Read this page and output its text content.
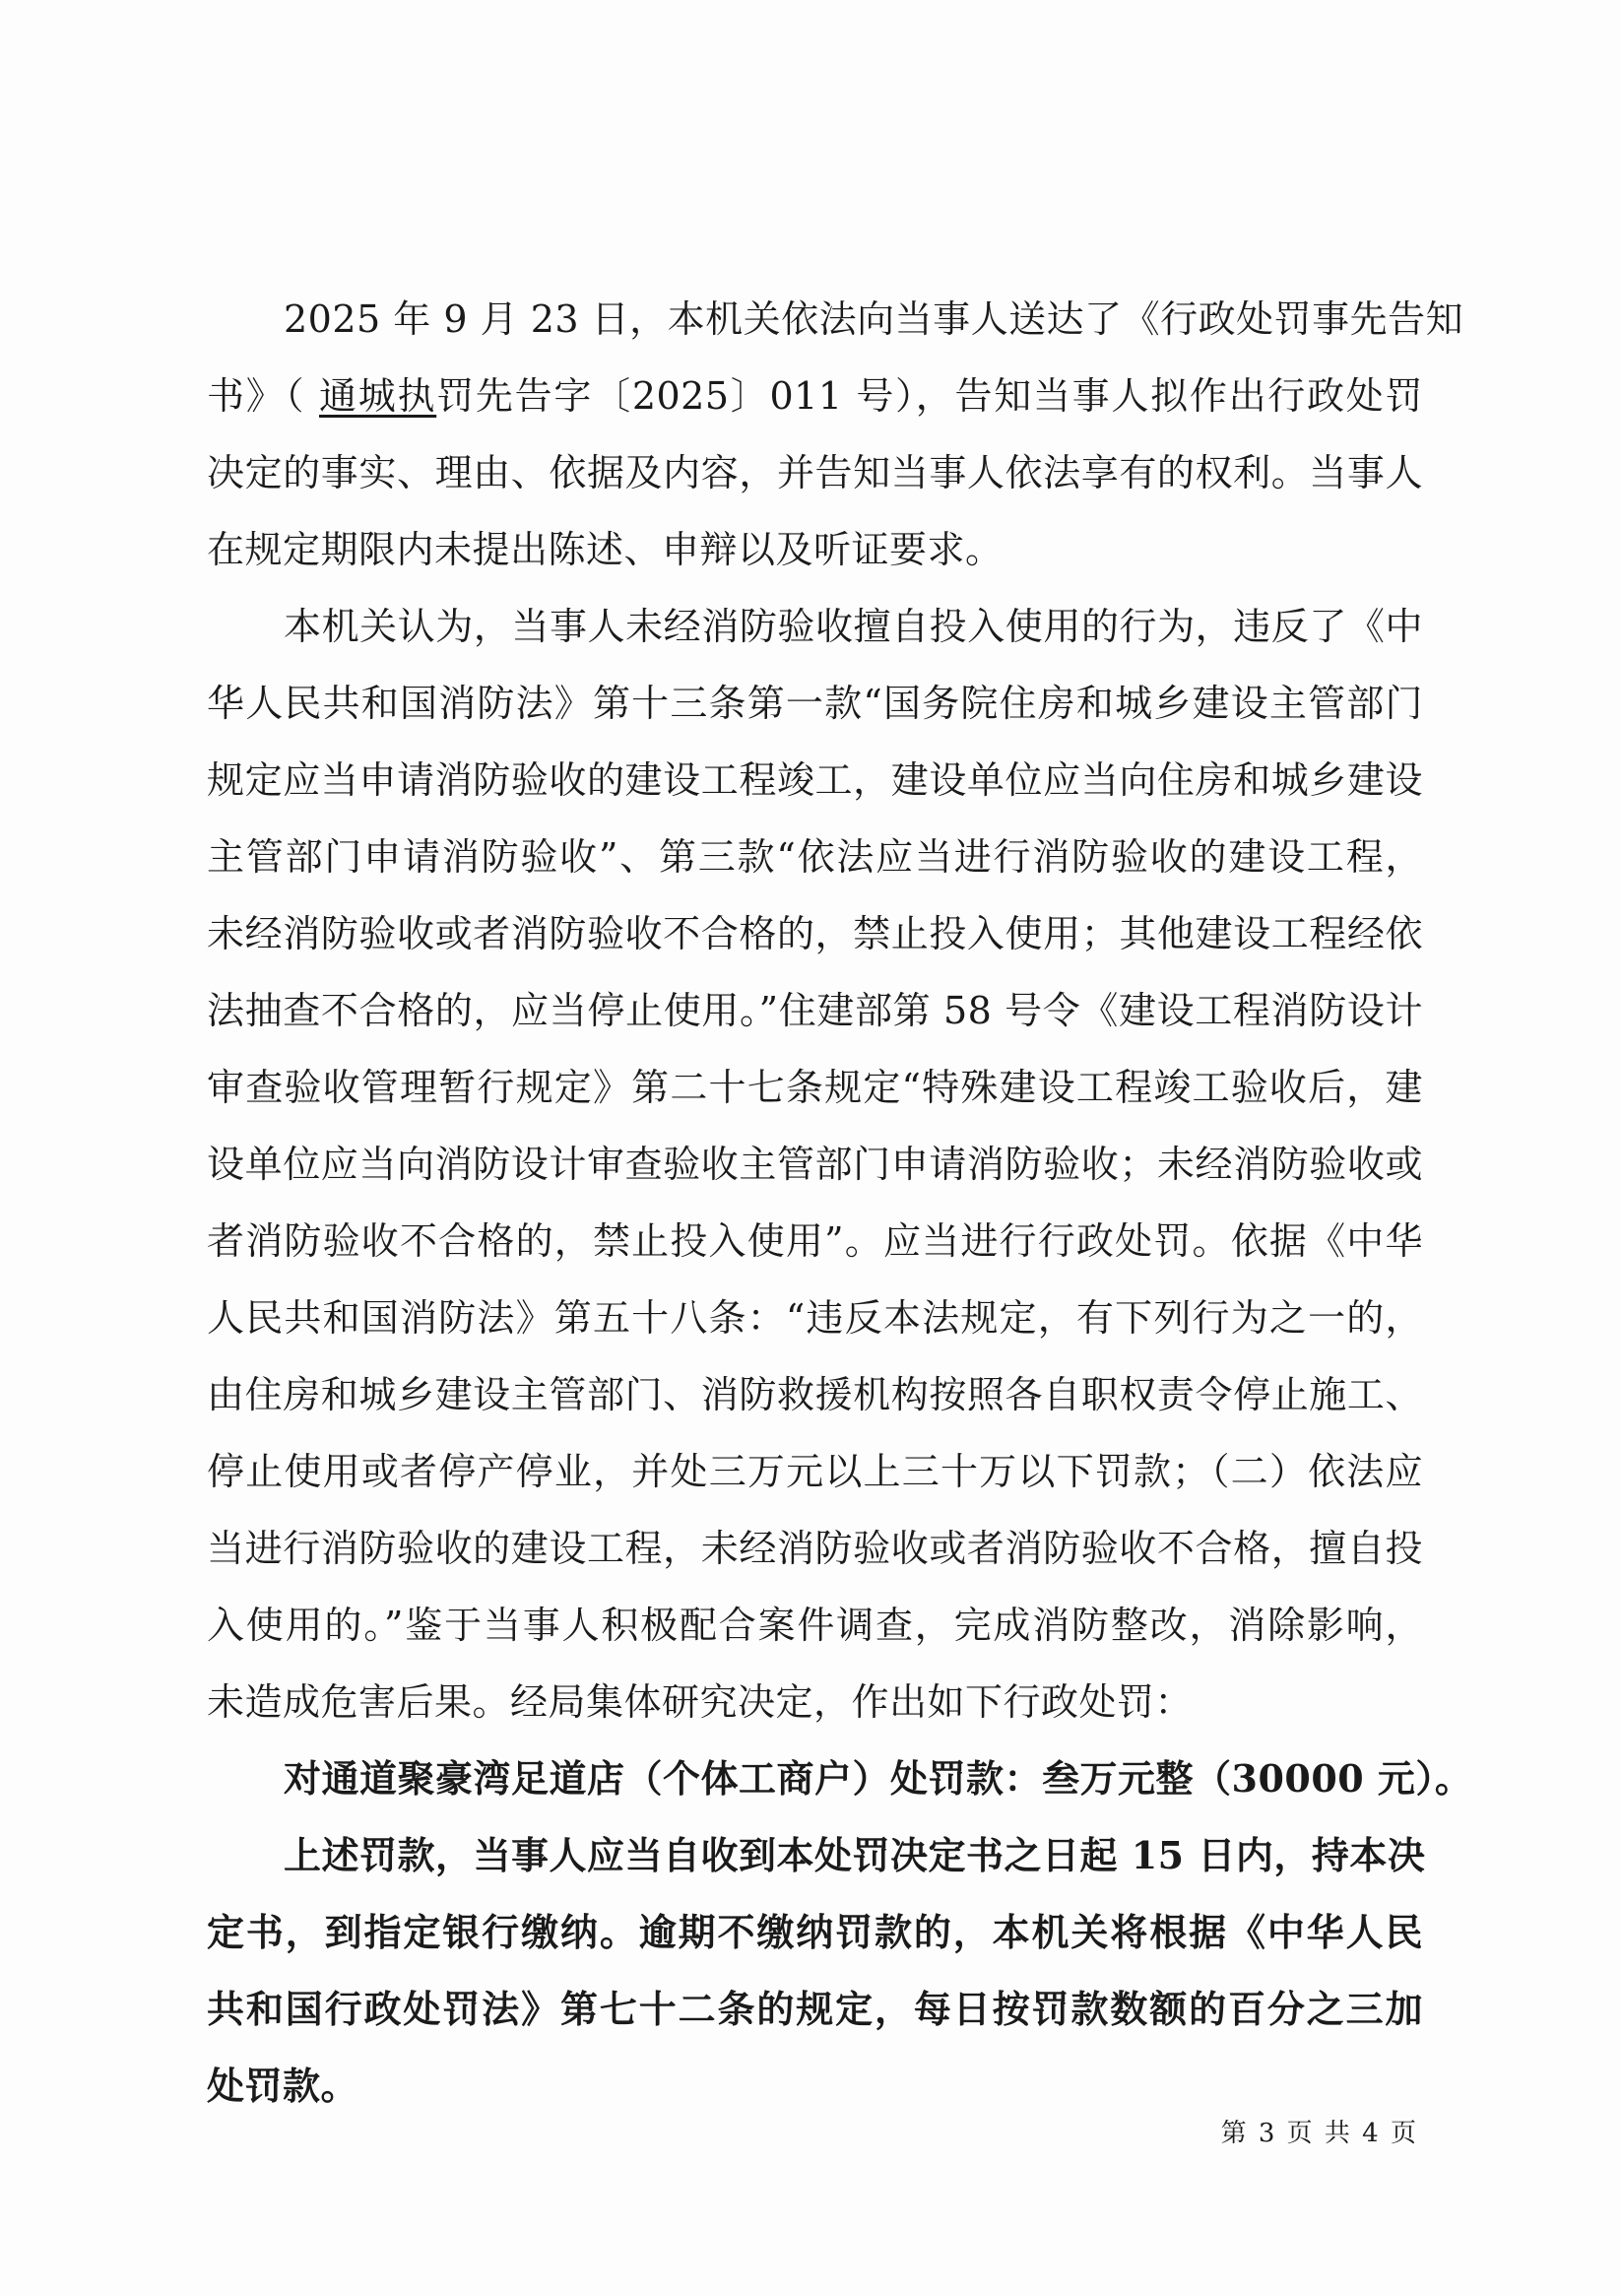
2025 年 9 月 23 日，本机关依法向当事人送达了《行政处罚事先告知
书》（ 通城执罚先告字〔2025〕011 号），告知当事人拟作出行政处罚
决定的事实、理由、依据及内容，并告知当事人依法享有的权利。当事人
在规定期限内未提出陈述、申辩以及听证要求。
本机关认为，当事人未经消防验收擅自投入使用的行为，违反了《中
华人民共和国消防法》第十三条第一款“国务院住房和城乡建设主管部门
规定应当申请消防验收的建设工程竣工，建设单位应当向住房和城乡建设
主管部门申请消防验收”、第三款“依法应当进行消防验收的建设工程，
未经消防验收或者消防验收不合格的，禁止投入使用；其他建设工程经依
法抽查不合格的，应当停止使用。”住建部第 58 号令《建设工程消防设计
审查验收管理暂行规定》第二十七条规定“特殊建设工程竣工验收后，建
设单位应当向消防设计审查验收主管部门申请消防验收；未经消防验收或
者消防验收不合格的，禁止投入使用”。应当进行行政处罚。依据《中华
人民共和国消防法》第五十八条：“违反本法规定，有下列行为之一的，
由住房和城乡建设主管部门、消防救援机构按照各自职权责令停止施工、
停止使用或者停产停业，并处三万元以上三十万以下罚款；（二）依法应
当进行消防验收的建设工程，未经消防验收或者消防验收不合格，擅自投
入使用的。”鉴于当事人积极配合案件调查，完成消防整改，消除影响，
未造成危害后果。经局集体研究决定，作出如下行政处罚：
对通道聚豪湾足道店（个体工商户）处罚款：叁万元整（30000 元）。
上述罚款，当事人应当自收到本处罚决定书之日起 15 日内，持本决
定书，到指定银行缴纳。逾期不缴纳罚款的，本机关将根据《中华人民
共和国行政处罚法》第七十二条的规定，每日按罚款数额的百分之三加
处罚款。
第 3 页 共 4 页
